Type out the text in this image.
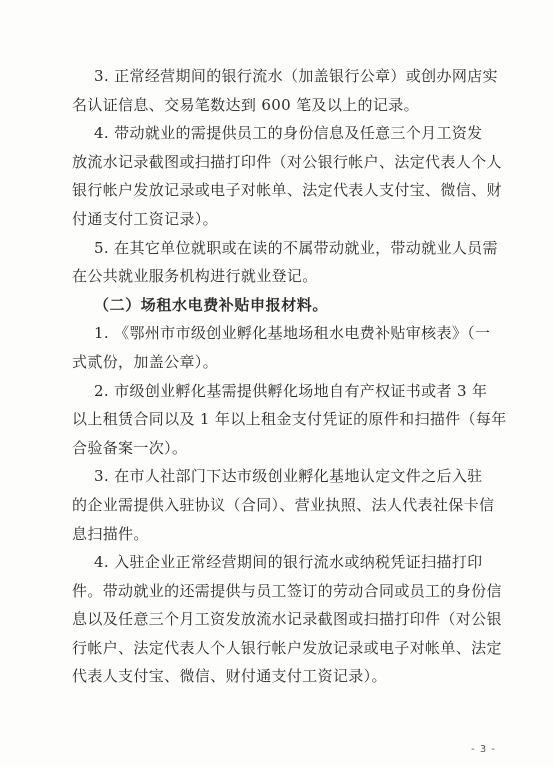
3. 正常经营期间的银行流水（加盖银行公章）或创办网店实
名认证信息、交易笔数达到 600 笔及以上的记录。
4. 带动就业的需提供员工的身份信息及任意三个月工资发
放流水记录截图或扫描打印件（对公银行帐户、法定代表人个人
银行帐户发放记录或电子对帐单、法定代表人支付宝、微信、财
付通支付工资记录）。
5. 在其它单位就职或在读的不属带动就业，带动就业人员需
在公共就业服务机构进行就业登记。
（二）场租水电费补贴申报材料。
1. 《鄂州市市级创业孵化基地场租水电费补贴审核表》（一
式贰份，加盖公章）。
2. 市级创业孵化基需提供孵化场地自有产权证书或者 3 年
以上租赁合同以及 1 年以上租金支付凭证的原件和扫描件（每年
合验备案一次）。
3. 在市人社部门下达市级创业孵化基地认定文件之后入驻
的企业需提供入驻协议（合同）、营业执照、法人代表社保卡信
息扫描件。
4. 入驻企业正常经营期间的银行流水或纳税凭证扫描打印
件。带动就业的还需提供与员工签订的劳动合同或员工的身份信
息以及任意三个月工资发放流水记录截图或扫描打印件（对公银
行帐户、法定代表人个人银行帐户发放记录或电子对帐单、法定
代表人支付宝、微信、财付通支付工资记录）。
- 3 -
